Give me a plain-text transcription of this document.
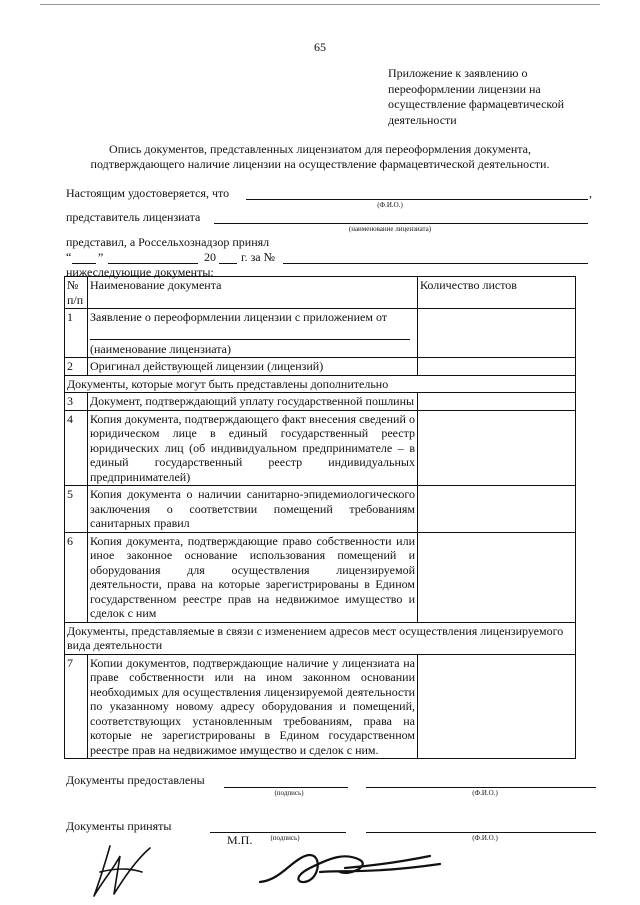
65
Приложение к заявлению о
переоформлении лицензии на
осуществление фармацевтической
деятельности
Опись документов, представленных лицензиатом для переоформления документа,
подтверждающего наличие лицензии на осуществление фармацевтической деятельности.
Настоящим удостоверяется, что	,
(Ф.И.О.)
представитель лицензиата
(наименование лицензиата)
представил, а Россельхознадзор принял
“ ”	20 г. за №
нижеследующие документы:
№ п/п	Наименование документа	Количество листов
1	Заявление о переоформлении лицензии с приложением от
(наименование лицензиата)	

2	Оригинал действующей лицензии (лицензий)	
Документы, которые могут быть представлены дополнительно		
3	Документ, подтверждающий уплату государственной пошлины	
4	Копия документа, подтверждающего факт внесения сведений о юридическом лице в единый государственный реестр юридических лиц (об индивидуальном предпринимателе – в единый государственный реестр индивидуальных предпринимателей)	
5	Копия документа о наличии санитарно-эпидемиологического заключения о соответствии помещений требованиям санитарных правил	
6	Копия документа, подтверждающие право собственности или иное законное основание использования помещений и оборудования для осуществления лицензируемой деятельности, права на которые зарегистрированы в Едином государственном реестре прав на недвижимое имущество и сделок с ним	
Документы, представляемые в связи с изменением адресов мест осуществления лицензируемого вида деятельности		
7	Копии документов, подтверждающие наличие у лицензиата на праве собственности или на ином законном основании необходимых для осуществления лицензируемой деятельности по указанному новому адресу оборудования и помещений, соответствующих установленным требованиям, права на которые не зарегистрированы в Едином государственном реестре прав на недвижимое имущество и сделок с ним.	
Документы предоставлены
(подпись)	(Ф.И.О.)
М.П.
Документы приняты
(подпись)	(Ф.И.О.)
